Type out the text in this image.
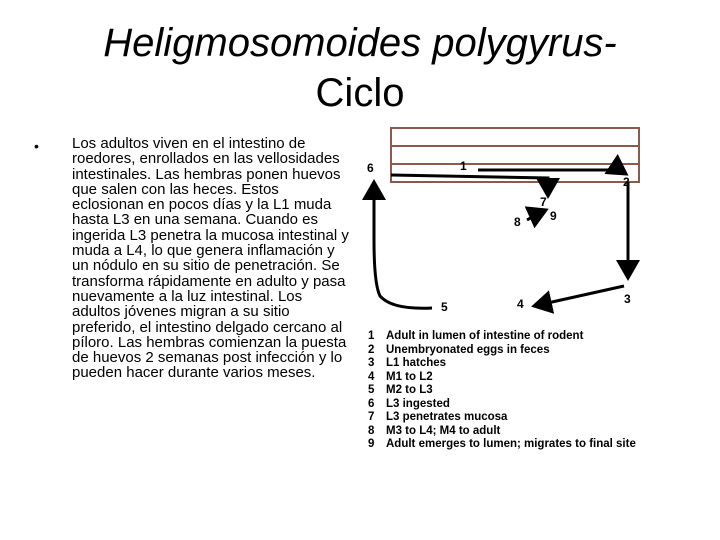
Heligmosomoides polygyrus-
Ciclo
• Los adultos viven en el intestino de roedores, enrollados en las vellosidades intestinales. Las hembras ponen huevos que salen con las heces. Estos eclosionan en pocos días y la L1 muda hasta L3 en una semana. Cuando es ingerida L3 penetra la mucosa intestinal y muda a L4, lo que genera inflamación y un nódulo en su sitio de penetración. Se transforma rápidamente en adulto y pasa nuevamente a la luz intestinal. Los adultos jóvenes migran a su sitio preferido, el intestino delgado cercano al píloro. Las hembras comienzan la puesta de huevos 2 semanas post infección y lo pueden hacer durante varios meses.
1
2
3
4
5
6
7
8 9
1	Adult in lumen of intestine of rodent
2	Unembryonated eggs in feces
3	L1 hatches
4	M1 to L2
5	M2 to L3
6	L3 ingested
7	L3 penetrates mucosa
8	M3 to L4; M4 to adult
9	Adult emerges to lumen; migrates to final site
